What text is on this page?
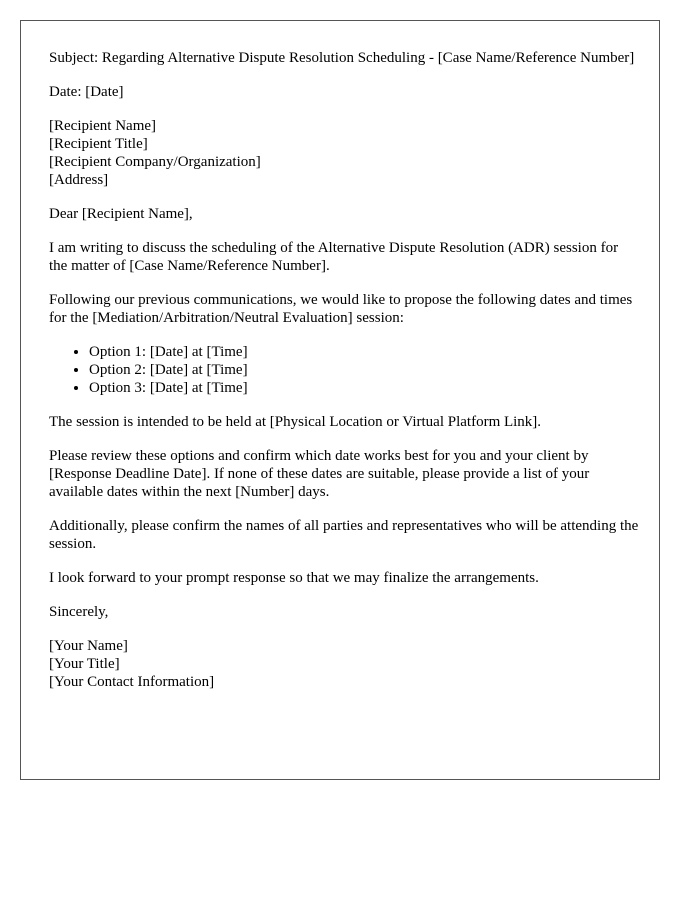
Subject: Regarding Alternative Dispute Resolution Scheduling - [Case Name/Reference Number]

Date: [Date]

[Recipient Name]
[Recipient Title]
[Recipient Company/Organization]
[Address]

Dear [Recipient Name],

I am writing to discuss the scheduling of the Alternative Dispute Resolution (ADR) session for the matter of [Case Name/Reference Number].

Following our previous communications, we would like to propose the following dates and times for the [Mediation/Arbitration/Neutral Evaluation] session:

• Option 1: [Date] at [Time]
• Option 2: [Date] at [Time]
• Option 3: [Date] at [Time]

The session is intended to be held at [Physical Location or Virtual Platform Link].

Please review these options and confirm which date works best for you and your client by [Response Deadline Date]. If none of these dates are suitable, please provide a list of your available dates within the next [Number] days.

Additionally, please confirm the names of all parties and representatives who will be attending the session.

I look forward to your prompt response so that we may finalize the arrangements.

Sincerely,

[Your Name]
[Your Title]
[Your Contact Information]
